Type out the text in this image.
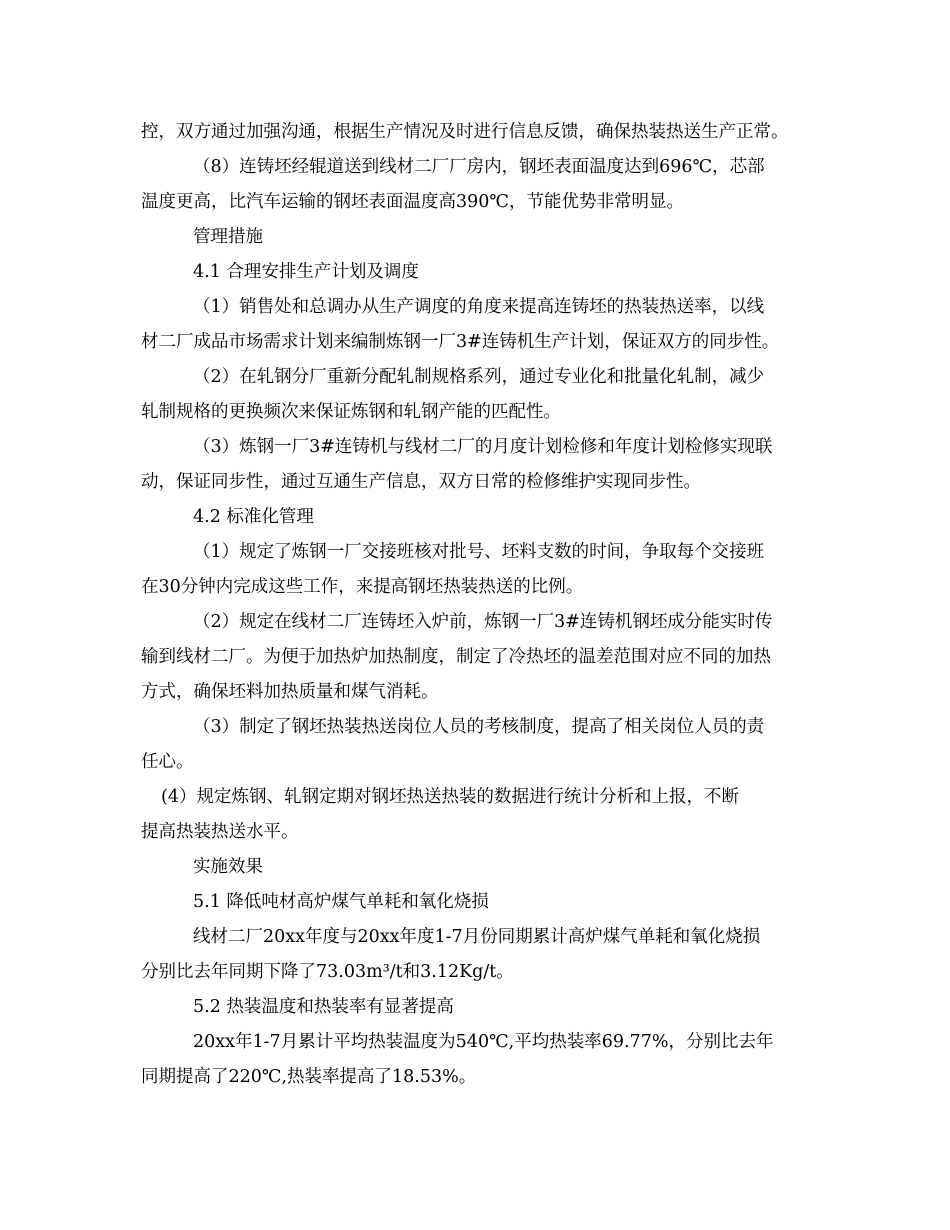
控，双方通过加强沟通，根据生产情况及时进行信息反馈，确保热装热送生产正常。
（8）连铸坯经辊道送到线材二厂厂房内，钢坯表面温度达到696℃，芯部
温度更高，比汽车运输的钢坯表面温度高390℃，节能优势非常明显。
管理措施
4.1 合理安排生产计划及调度
（1）销售处和总调办从生产调度的角度来提高连铸坯的热装热送率，以线
材二厂成品市场需求计划来编制炼钢一厂3#连铸机生产计划，保证双方的同步性。
（2）在轧钢分厂重新分配轧制规格系列，通过专业化和批量化轧制，减少
轧制规格的更换频次来保证炼钢和轧钢产能的匹配性。
（3）炼钢一厂3#连铸机与线材二厂的月度计划检修和年度计划检修实现联
动，保证同步性，通过互通生产信息，双方日常的检修维护实现同步性。
4.2 标准化管理
（1）规定了炼钢一厂交接班核对批号、坯料支数的时间，争取每个交接班
在30分钟内完成这些工作，来提高钢坯热装热送的比例。
（2）规定在线材二厂连铸坯入炉前，炼钢一厂3#连铸机钢坯成分能实时传
输到线材二厂。为便于加热炉加热制度，制定了冷热坯的温差范围对应不同的加热
方式，确保坯料加热质量和煤气消耗。
（3）制定了钢坯热装热送岗位人员的考核制度，提高了相关岗位人员的责
任心。
(4）规定炼钢、轧钢定期对钢坯热送热装的数据进行统计分析和上报，不断
提高热装热送水平。
实施效果
5.1 降低吨材高炉煤气单耗和氧化烧损
线材二厂20xx年度与20xx年度1-7月份同期累计高炉煤气单耗和氧化烧损
分别比去年同期下降了73.03m³/t和3.12Kg/t。
5.2 热装温度和热装率有显著提高
20xx年1-7月累计平均热装温度为540℃,平均热装率69.77%，分别比去年
同期提高了220℃,热装率提高了18.53%。
